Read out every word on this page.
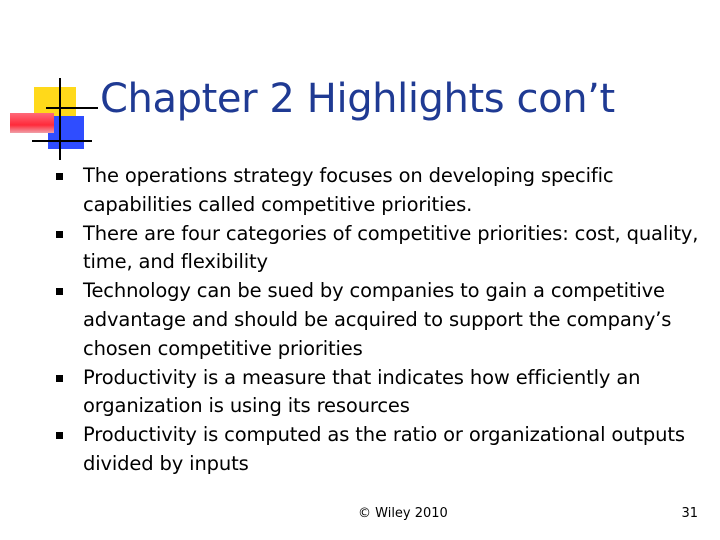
Chapter 2 Highlights con’t
The operations strategy focuses on developing specific capabilities called competitive priorities.
There are four categories of competitive priorities: cost, quality, time, and flexibility
Technology can be sued by companies to gain a competitive advantage and should be acquired to support the company’s chosen competitive priorities
Productivity is a measure that indicates how efficiently an organization is using its resources
Productivity is computed as the ratio or organizational outputs divided by inputs
© Wiley 2010	31
